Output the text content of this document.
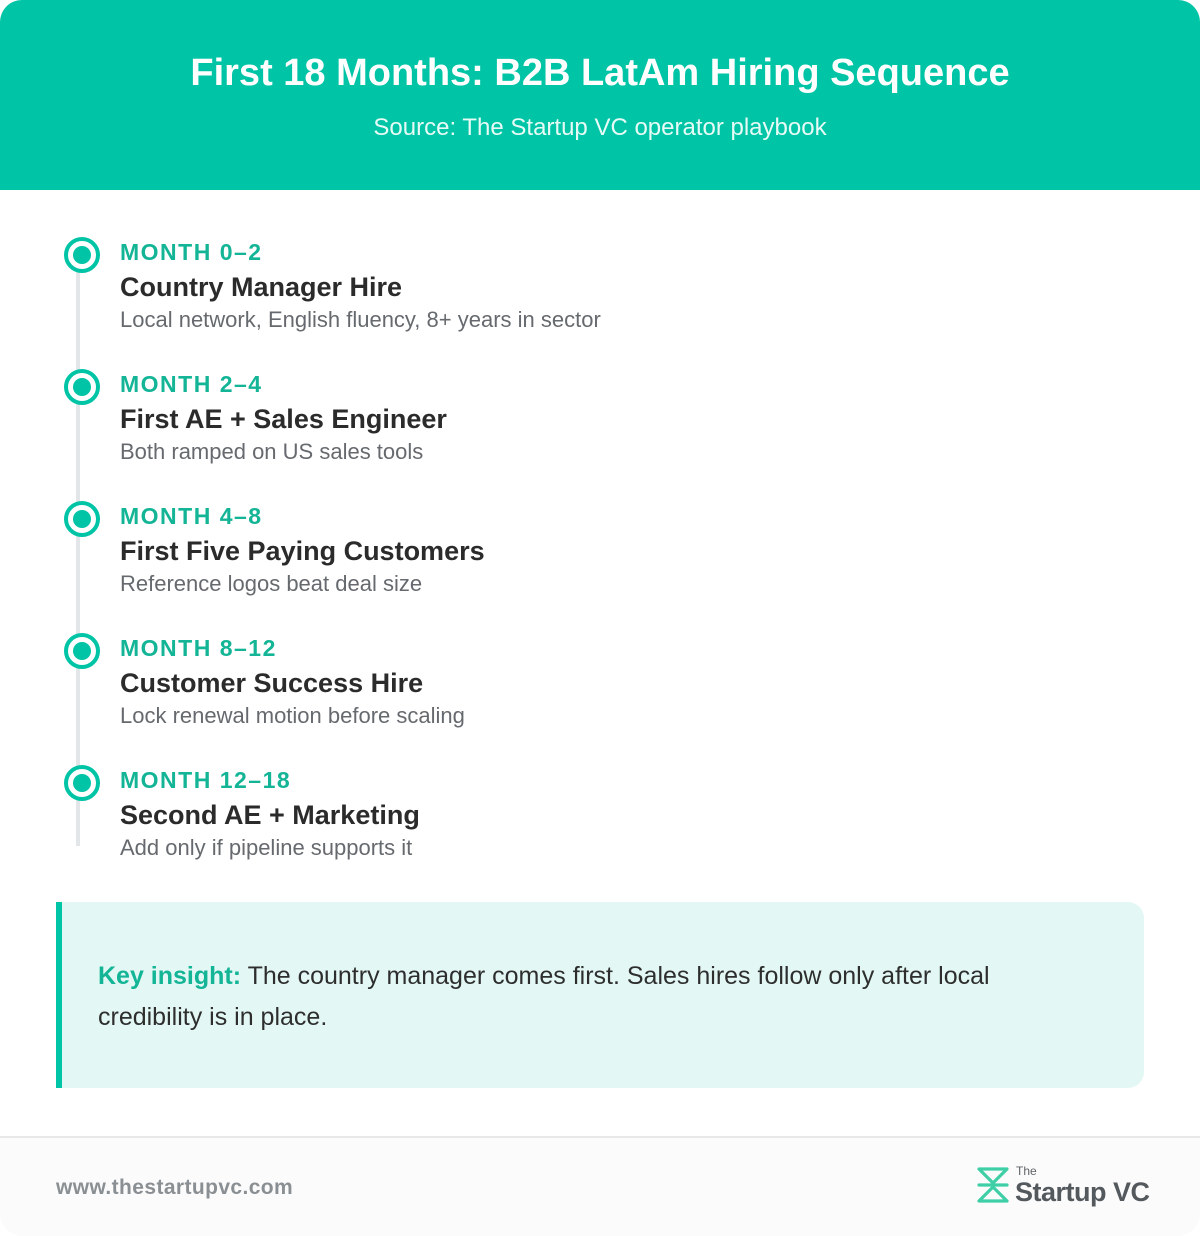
First 18 Months: B2B LatAm Hiring Sequence
Source: The Startup VC operator playbook
MONTH 0–2
Country Manager Hire
Local network, English fluency, 8+ years in sector
MONTH 2–4
First AE + Sales Engineer
Both ramped on US sales tools
MONTH 4–8
First Five Paying Customers
Reference logos beat deal size
MONTH 8–12
Customer Success Hire
Lock renewal motion before scaling
MONTH 12–18
Second AE + Marketing
Add only if pipeline supports it
Key insight: The country manager comes first. Sales hires follow only after local credibility is in place.
www.thestartupvc.com
The
Startup VC
